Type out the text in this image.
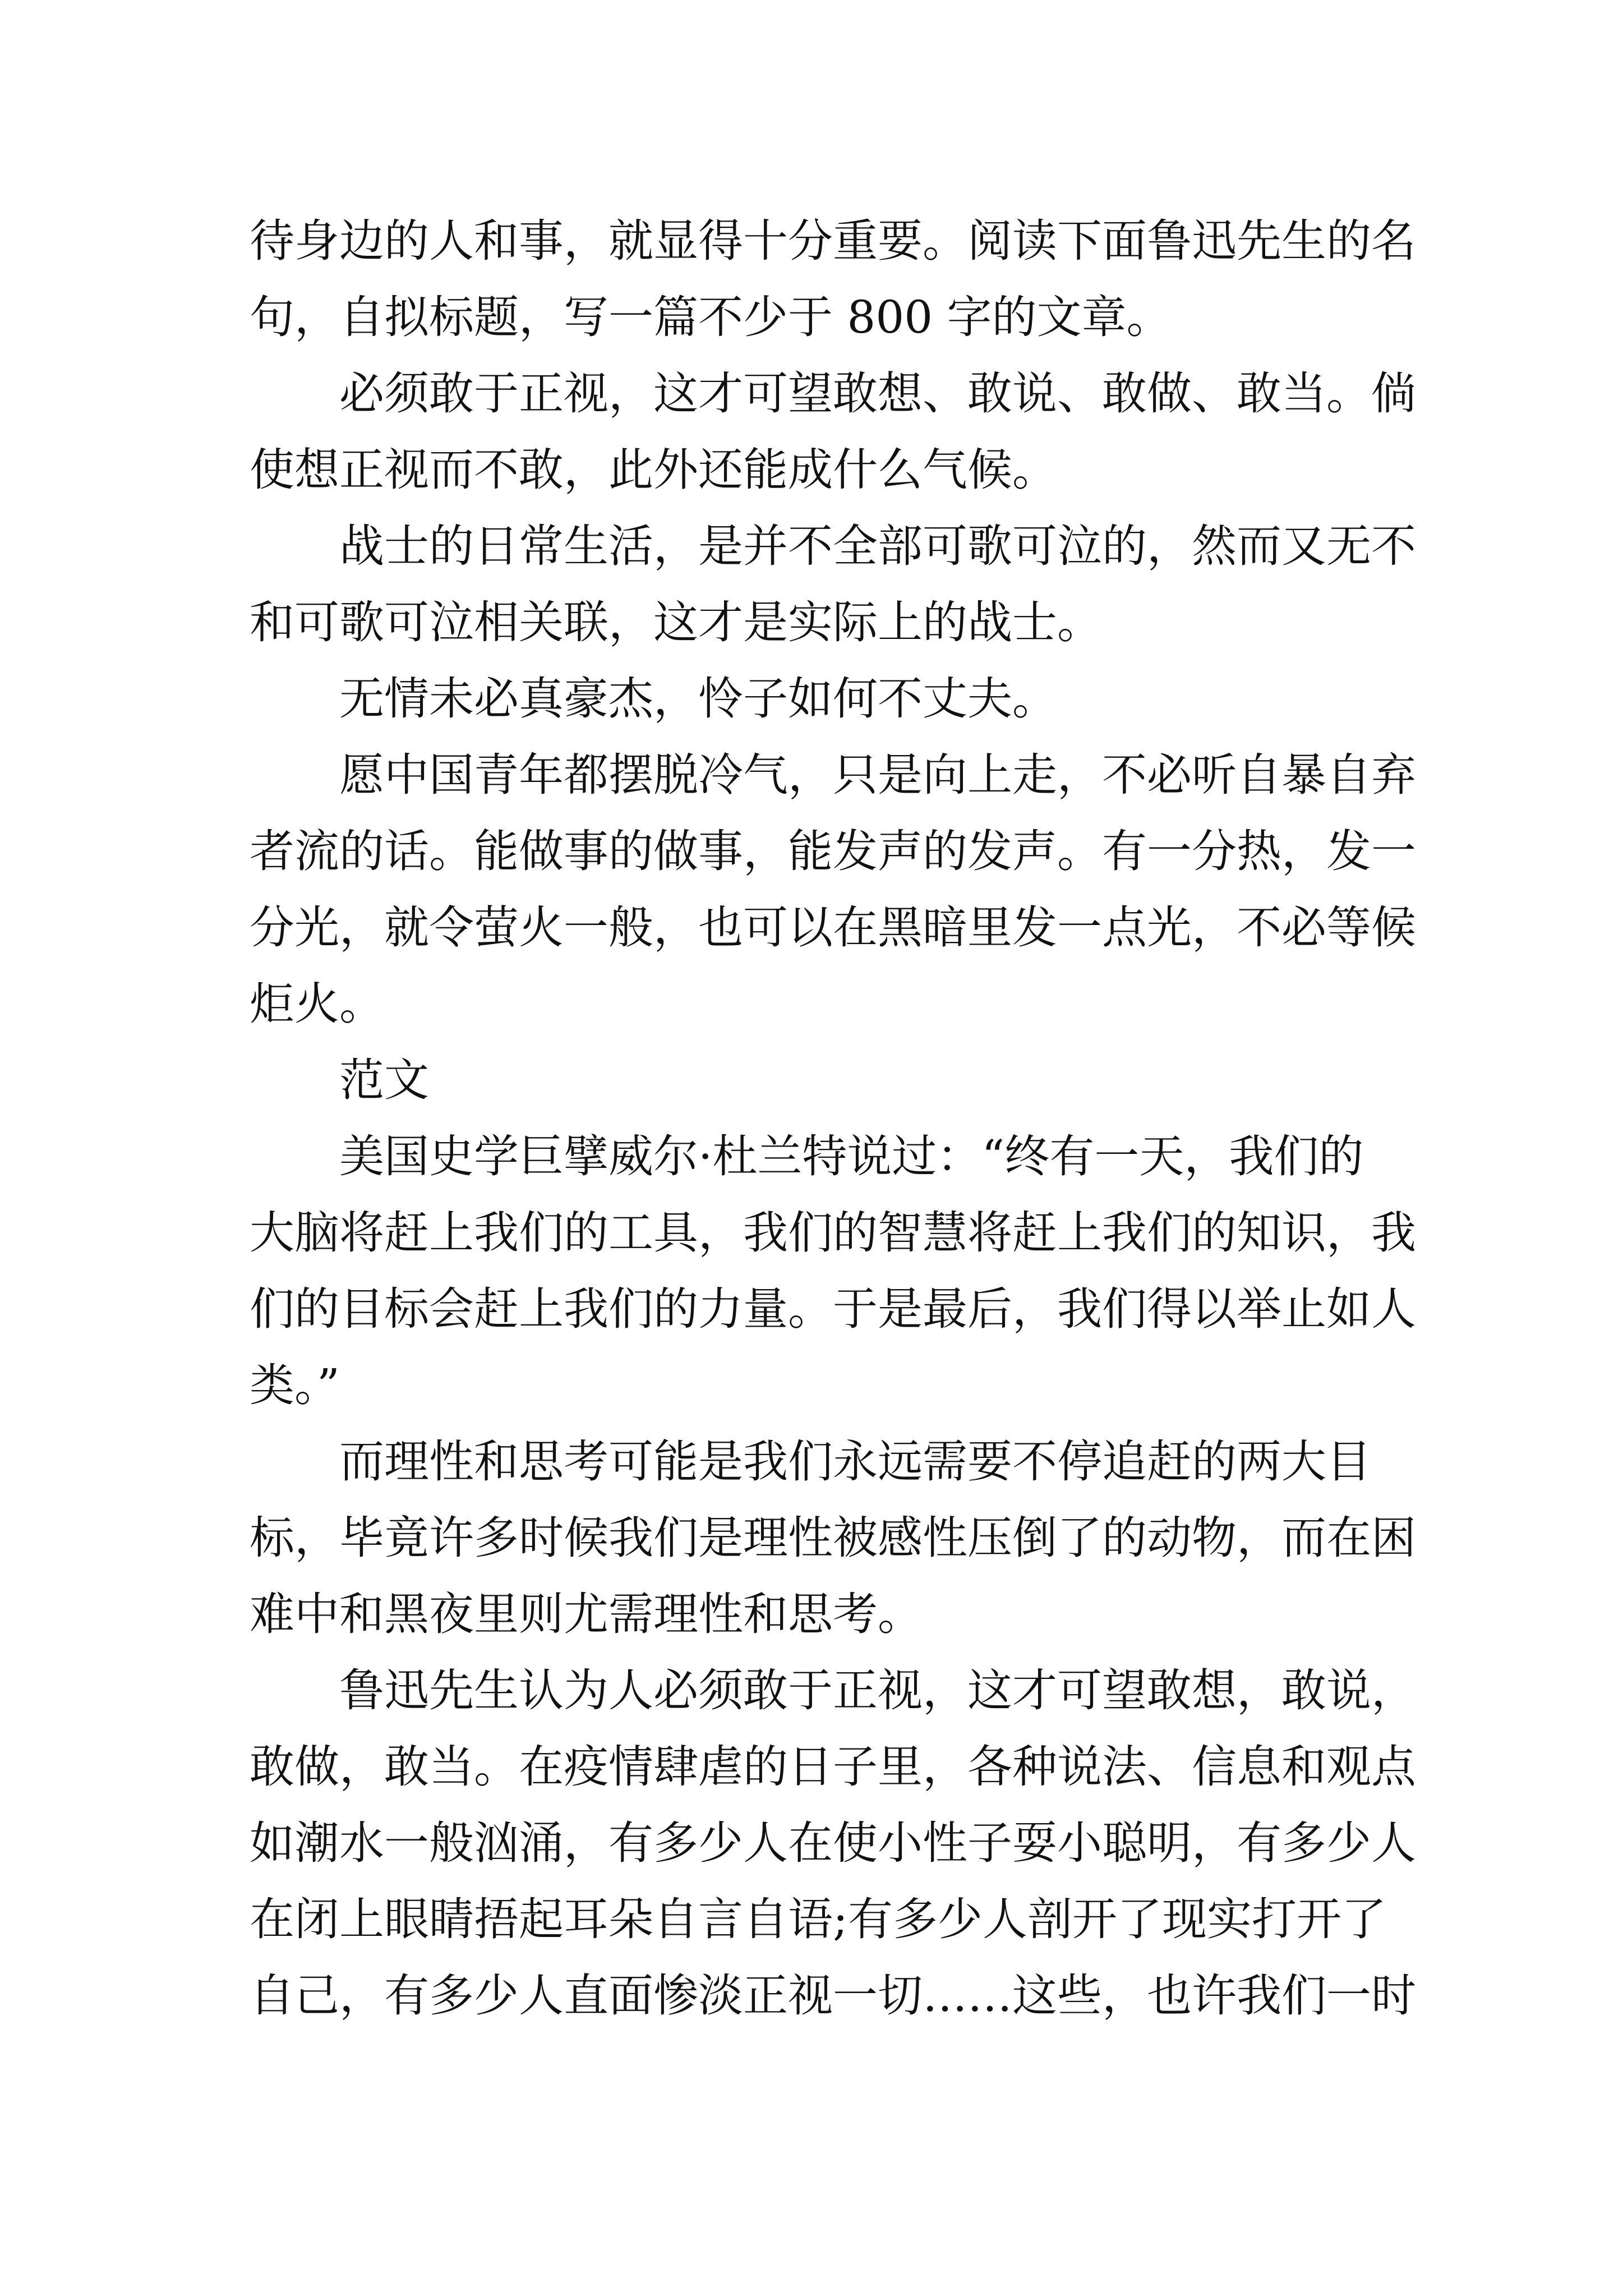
待身边的人和事，就显得十分重要。阅读下面鲁迅先生的名
句，自拟标题，写一篇不少于 800 字的文章。
必须敢于正视，这才可望敢想、敢说、敢做、敢当。倘
使想正视而不敢，此外还能成什么气候。
战士的日常生活，是并不全部可歌可泣的，然而又无不
和可歌可泣相关联，这才是实际上的战士。
无情未必真豪杰，怜子如何不丈夫。
愿中国青年都摆脱冷气，只是向上走，不必听自暴自弃
者流的话。能做事的做事，能发声的发声。有一分热，发一
分光，就令萤火一般，也可以在黑暗里发一点光，不必等候
炬火。
范文
美国史学巨擘威尔·杜兰特说过：“终有一天，我们的
大脑将赶上我们的工具，我们的智慧将赶上我们的知识，我
们的目标会赶上我们的力量。于是最后，我们得以举止如人
类。”
而理性和思考可能是我们永远需要不停追赶的两大目
标，毕竟许多时候我们是理性被感性压倒了的动物，而在困
难中和黑夜里则尤需理性和思考。
鲁迅先生认为人必须敢于正视，这才可望敢想，敢说，
敢做，敢当。在疫情肆虐的日子里，各种说法、信息和观点
如潮水一般汹涌，有多少人在使小性子耍小聪明，有多少人
在闭上眼睛捂起耳朵自言自语;有多少人剖开了现实打开了
自己，有多少人直面惨淡正视一切……这些，也许我们一时
